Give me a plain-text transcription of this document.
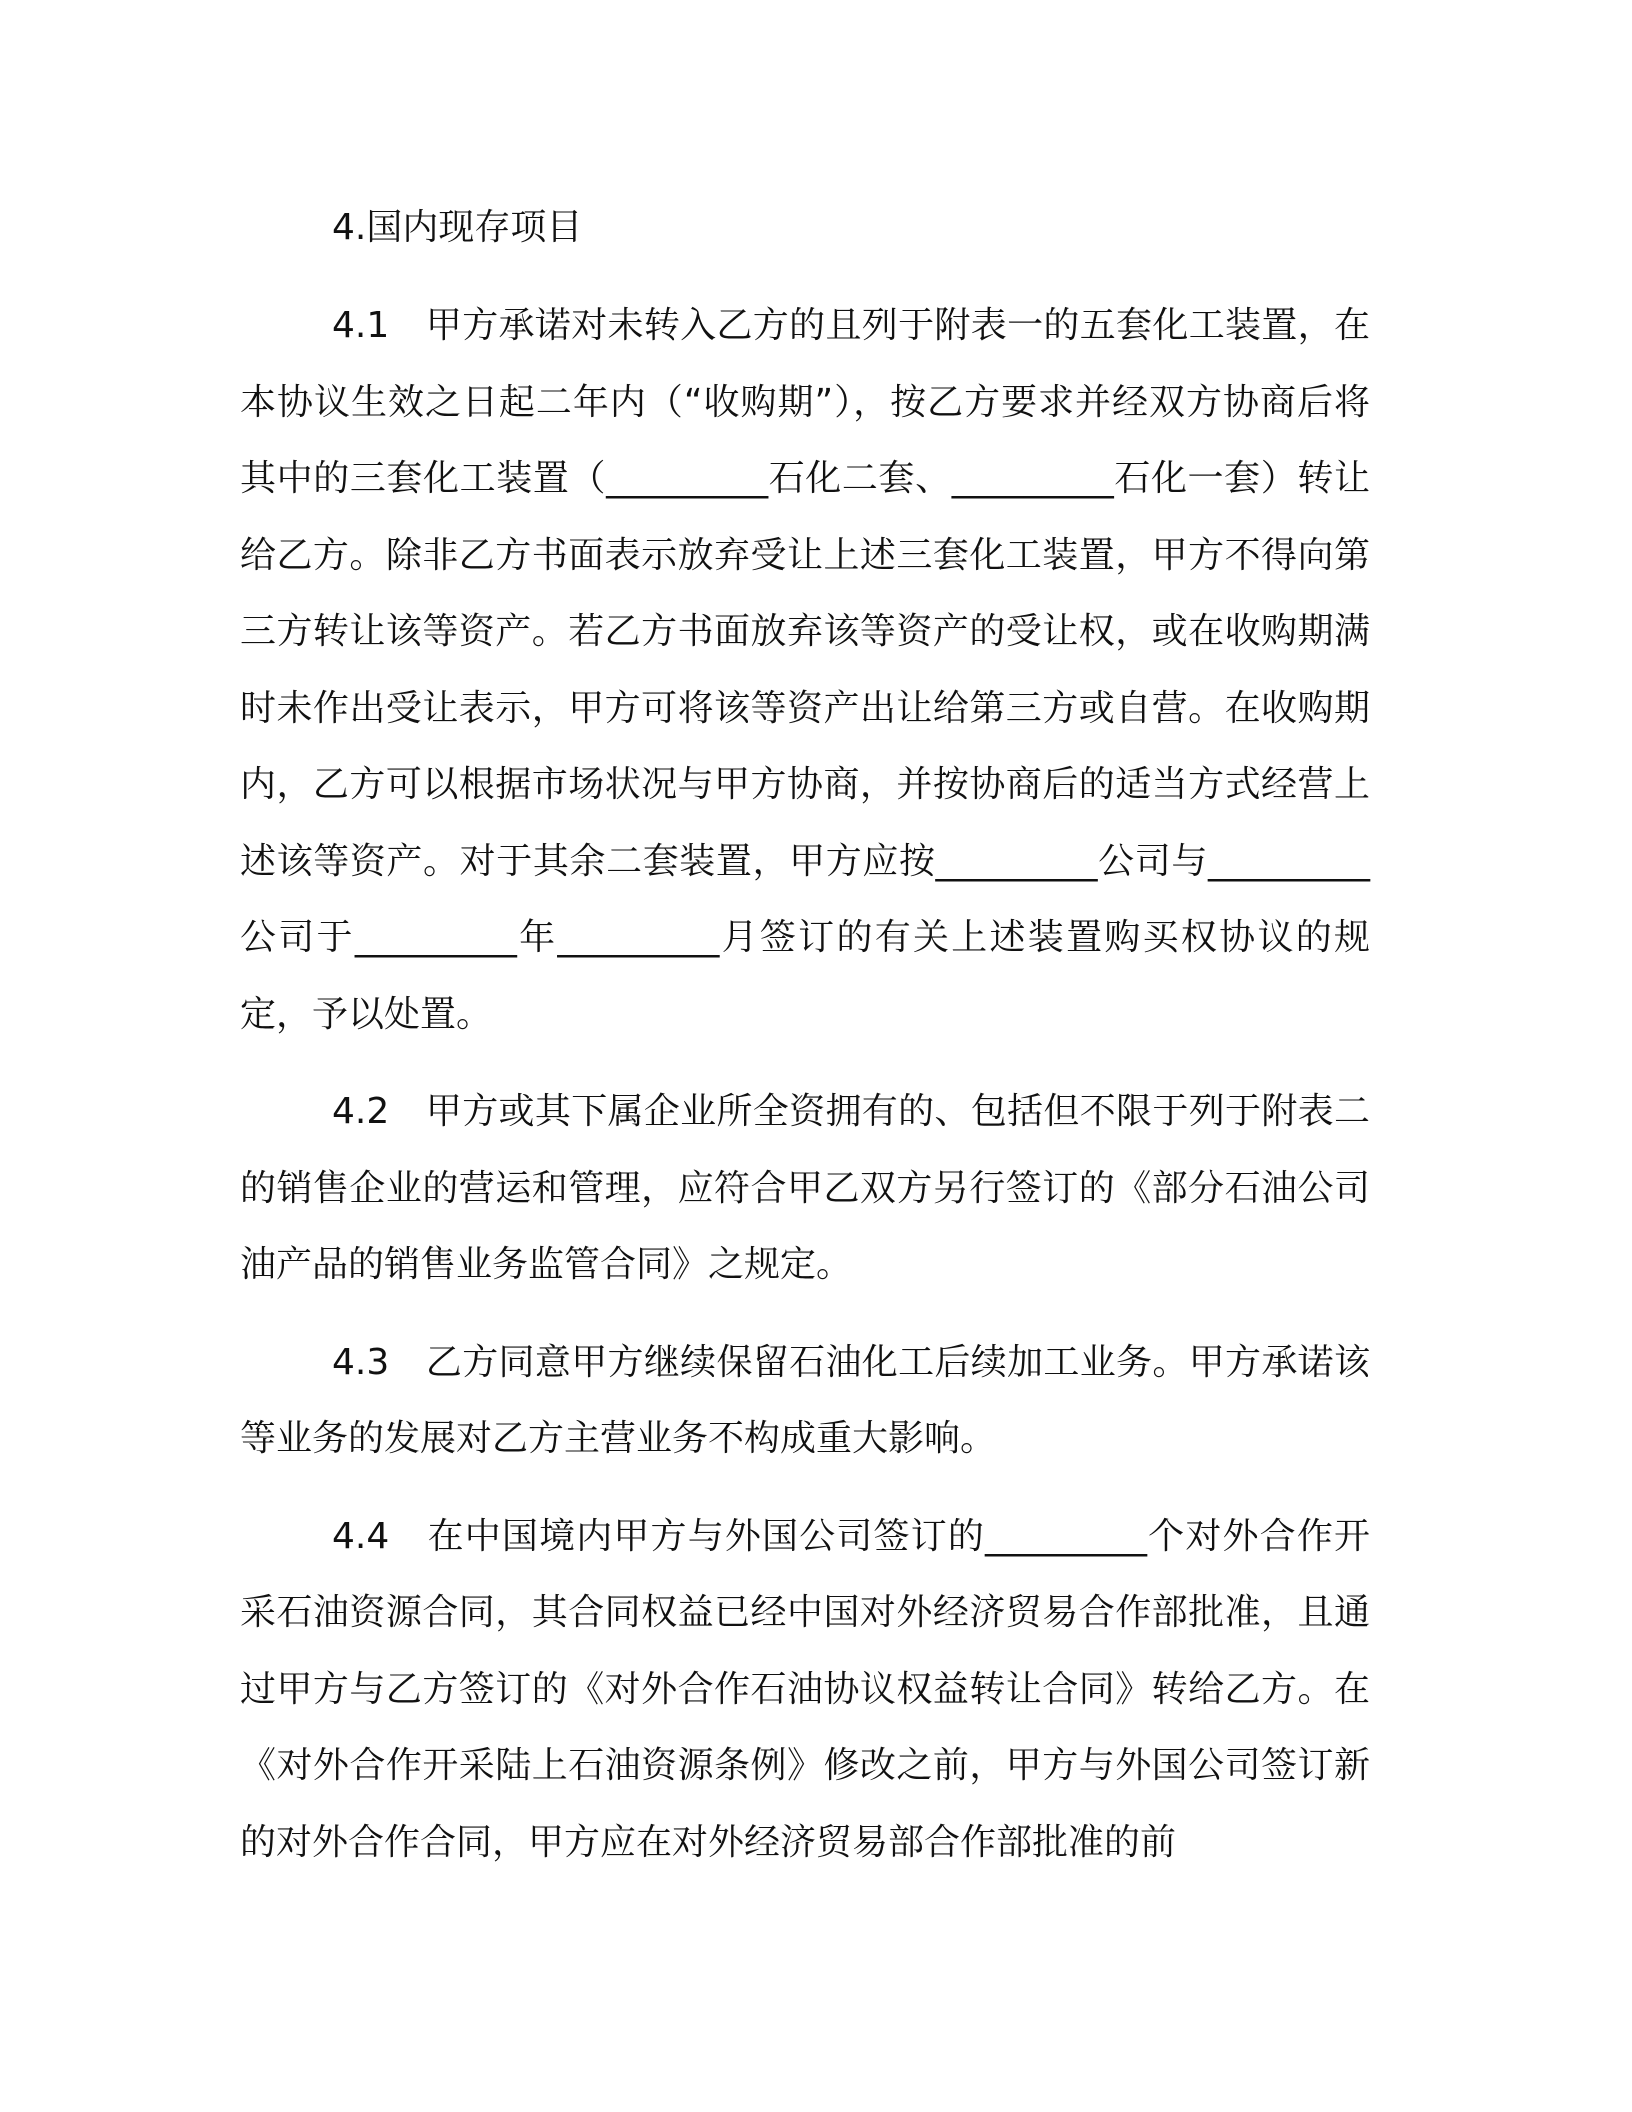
4.国内现存项目

4.1　甲方承诺对未转入乙方的且列于附表一的五套化工装置，在本协议生效之日起二年内（“收购期”），按乙方要求并经双方协商后将其中的三套化工装置（_________石化二套、_________石化一套）转让给乙方。除非乙方书面表示放弃受让上述三套化工装置，甲方不得向第三方转让该等资产。若乙方书面放弃该等资产的受让权，或在收购期满时未作出受让表示，甲方可将该等资产出让给第三方或自营。在收购期内，乙方可以根据市场状况与甲方协商，并按协商后的适当方式经营上述该等资产。对于其余二套装置，甲方应按_________公司与_________公司于_________年_________月签订的有关上述装置购买权协议的规定，予以处置。

4.2　甲方或其下属企业所全资拥有的、包括但不限于列于附表二的销售企业的营运和管理，应符合甲乙双方另行签订的《部分石油公司油产品的销售业务监管合同》之规定。

4.3　乙方同意甲方继续保留石油化工后续加工业务。甲方承诺该等业务的发展对乙方主营业务不构成重大影响。

4.4　在中国境内甲方与外国公司签订的_________个对外合作开采石油资源合同，其合同权益已经中国对外经济贸易合作部批准，且通过甲方与乙方签订的《对外合作石油协议权益转让合同》转给乙方。在《对外合作开采陆上石油资源条例》修改之前，甲方与外国公司签订新的对外合作合同，甲方应在对外经济贸易部合作部批准的前
